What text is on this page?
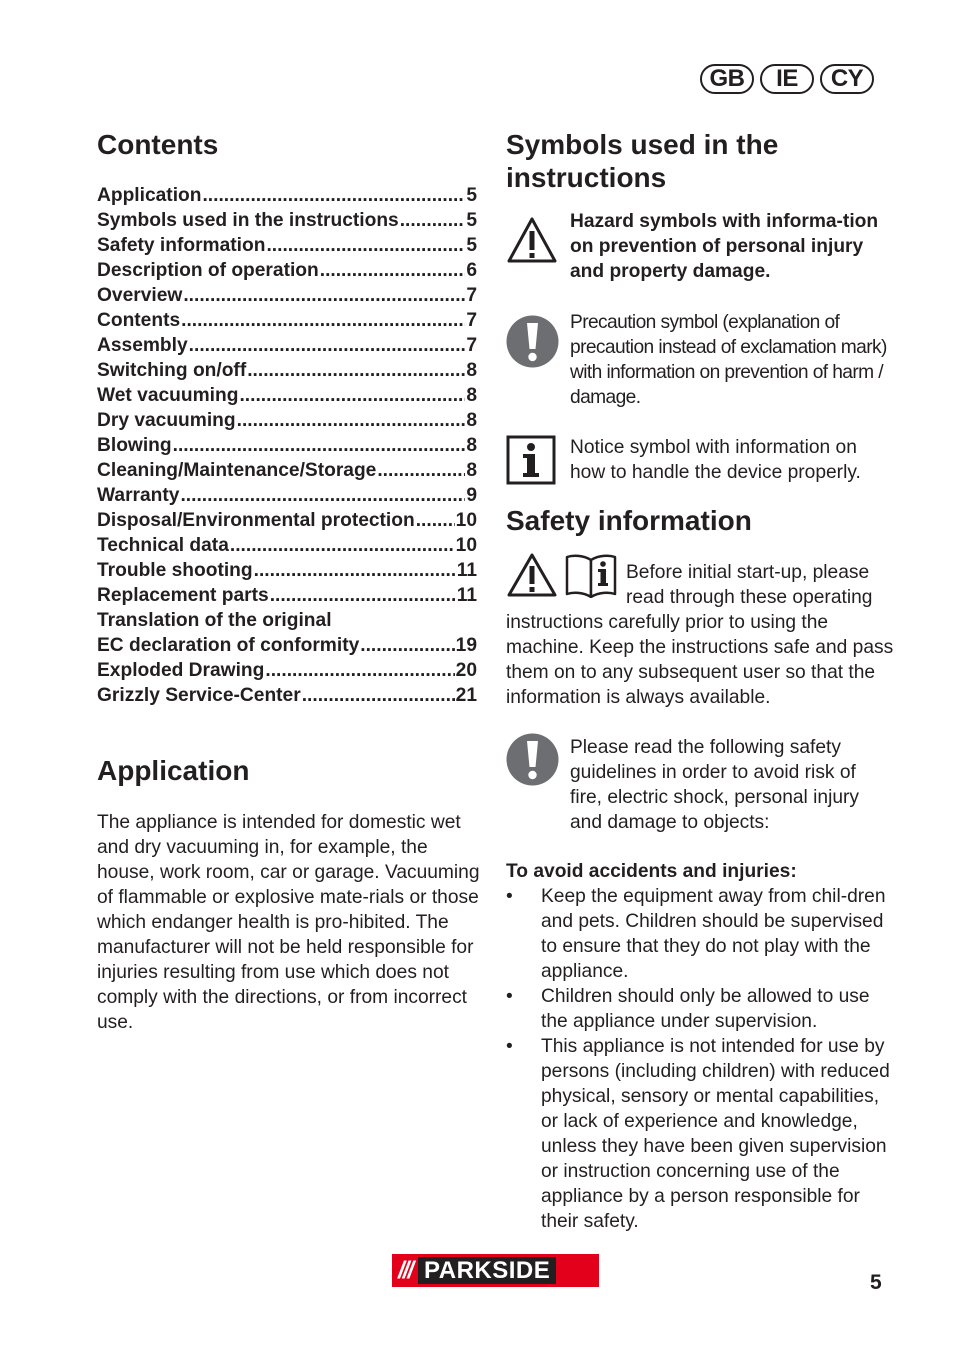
GB	IE	CY
Contents
Application .....	5
Symbols used in the instructions .....	5
Safety information .....	5
Description of operation .....	6
Overview .....	7
Contents .....	7
Assembly .....	7
Switching on/off .....	8
Wet vacuuming .....	8
Dry vacuuming .....	8
Blowing .....	8
Cleaning/Maintenance/Storage .....	8
Warranty .....	9
Disposal/Environmental protection ..... 10
Technical data .....	10
Trouble shooting .....	11
Replacement parts .....	11
Translation of the original
EC declaration of conformity .....	19
Exploded Drawing .....	20
Grizzly Service-Center .....	21
Application

The appliance is intended for domestic wet and dry vacuuming in, for example, the house, work room, car or garage. Vacuuming of flammable or explosive mate-rials or those which endanger health is pro-hibited. The manufacturer will not be held responsible for injuries resulting from use which does not comply with the directions, or from incorrect use.

Symbols used in the instructions
Hazard symbols with informa-tion on prevention of personal injury and property damage.
Precaution symbol (explanation of precaution instead of exclamation mark) with information on prevention of harm / damage.
Notice symbol with information on how to handle the device properly.
Safety information
Before initial start-up, please read through these operating

instructions carefully prior to using the machine. Keep the instructions safe and pass them on to any subsequent user so that the information is always available.

Please read the following safety guidelines in order to avoid risk of fire, electric shock, personal injury and damage to objects:
To avoid accidents and injuries:
• Keep the equipment away from chil-dren and pets. Children should be supervised to ensure that they do not play with the appliance.
• Children should only be allowed to use the appliance under supervision.
• This appliance is not intended for use by persons (including children) with reduced physical, sensory or mental capabilities, or lack of experience and knowledge, unless they have been given supervision or instruction concerning use of the appliance by a person responsible for their safety.
/// PARKSIDE	5
